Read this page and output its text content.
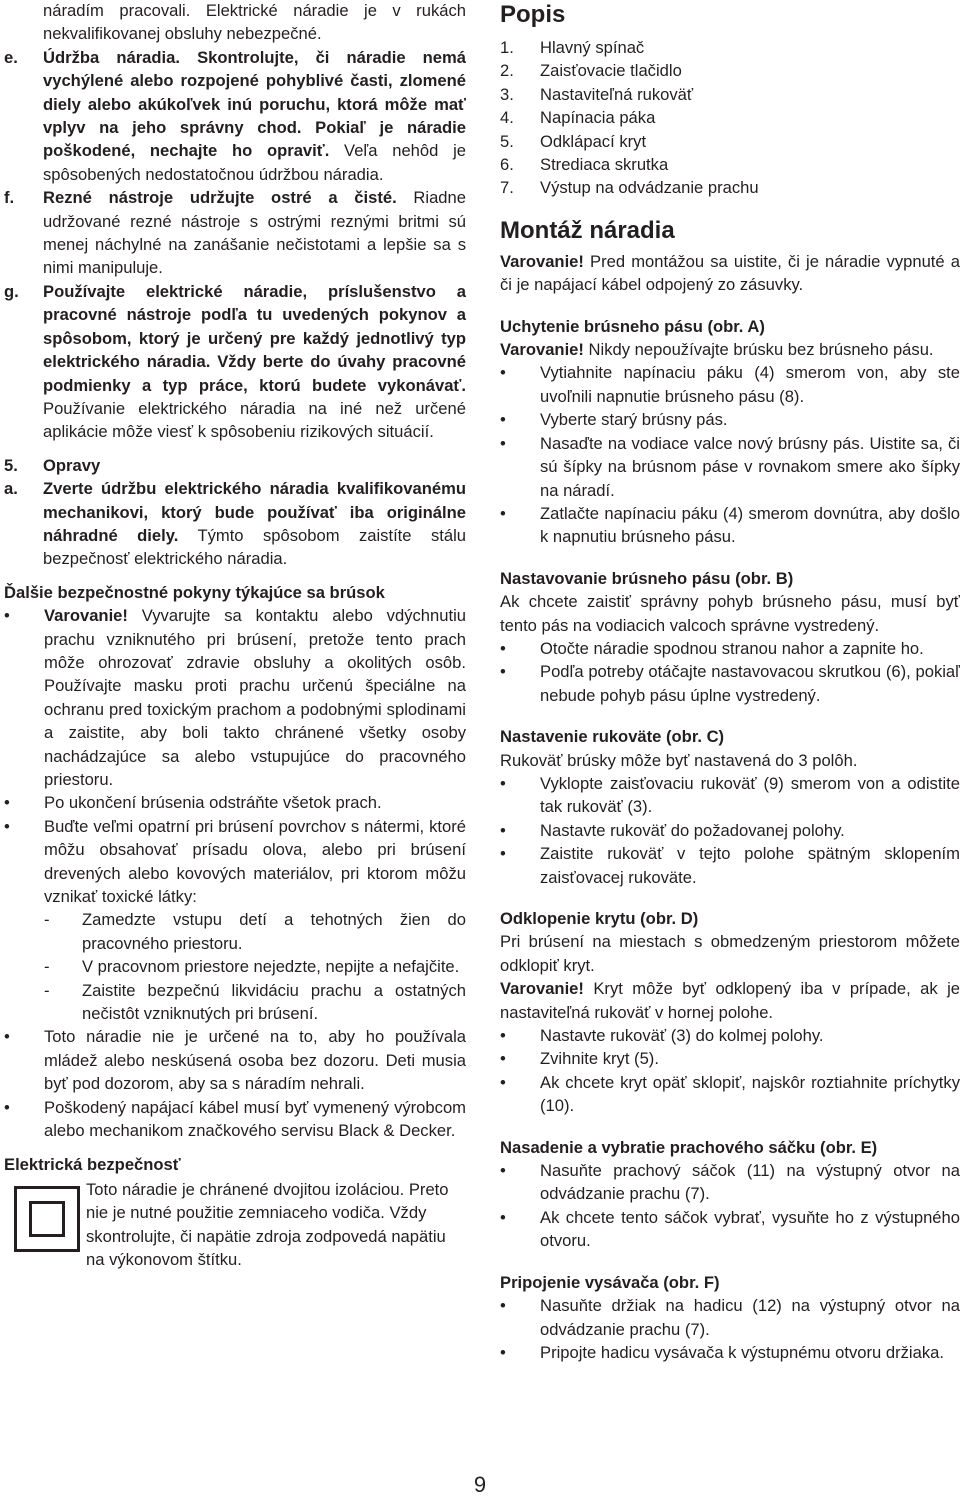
náradím pracovali. Elektrické náradie je v rukách nekvalifikovanej obsluhy nebezpečné.

e.	Údržba náradia. Skontrolujte, či náradie nemá vychýlené alebo rozpojené pohyblivé časti, zlomené diely alebo akúkoľvek inú poruchu, ktorá môže mať vplyv na jeho správny chod. Pokiaľ je náradie poškodené, nechajte ho opraviť. Veľa nehôd je spôsobených nedostatočnou údržbou náradia.

f.	Rezné nástroje udržujte ostré a čisté. Riadne udržované rezné nástroje s ostrými reznými britmi sú menej náchylné na zanášanie nečistotami a lepšie sa s nimi manipuluje.

g.	Používajte elektrické náradie, príslušenstvo a pracovné nástroje podľa tu uvedených pokynov a spôsobom, ktorý je určený pre každý jednotlivý typ elektrického náradia. Vždy berte do úvahy pracovné podmienky a typ práce, ktorú budete vykonávať. Používanie elektrického náradia na iné než určené aplikácie môže viesť k spôsobeniu rizikových situácií.

5.	Opravy
a.	Zverte údržbu elektrického náradia kvalifikovanému mechanikovi, ktorý bude používať iba originálne náhradné diely. Týmto spôsobom zaistíte stálu bezpečnosť elektrického náradia.

Ďalšie bezpečnostné pokyny týkajúce sa brúsok

•	Varovanie! Vyvarujte sa kontaktu alebo vdýchnutiu prachu vzniknutého pri brúsení, pretože tento prach môže ohrozovať zdravie obsluhy a okolitých osôb. Používajte masku proti prachu určenú špeciálne na ochranu pred toxickým prachom a podobnými splodinami a zaistite, aby boli takto chránené všetky osoby nachádzajúce sa alebo vstupujúce do pracovného priestoru.

•	Po ukončení brúsenia odstráňte všetok prach.

•	Buďte veľmi opatrní pri brúsení povrchov s nátermi, ktoré môžu obsahovať prísadu olova, alebo pri brúsení drevených alebo kovových materiálov, pri ktorom môžu vznikať toxické látky:

-	Zamedzte vstupu detí a tehotných žien do pracovného priestoru.

-	V pracovnom priestore nejedzte, nepijte a nefajčite.

-	Zaistite bezpečnú likvidáciu prachu a ostatných nečistôt vzniknutých pri brúsení.

•	Toto náradie nie je určené na to, aby ho používala mládež alebo neskúsená osoba bez dozoru. Deti musia byť pod dozorom, aby sa s náradím nehrali.

•	Poškodený napájací kábel musí byť vymenený výrobcom alebo mechanikom značkového servisu Black & Decker.

Elektrická bezpečnosť

Toto náradie je chránené dvojitou izoláciou. Preto nie je nutné použitie zemniaceho vodiča. Vždy skontrolujte, či napätie zdroja zodpovedá napätiu na výkonovom štítku.

Popis

1.	Hlavný spínač
2.	Zaisťovacie tlačidlo
3.	Nastaviteľná rukoväť
4.	Napínacia páka
5.	Odklápací kryt
6.	Strediaca skrutka
7.	Výstup na odvádzanie prachu

Montáž náradia

Varovanie! Pred montážou sa uistite, či je náradie vypnuté a či je napájací kábel odpojený zo zásuvky.

Uchytenie brúsneho pásu (obr. A)

Varovanie! Nikdy nepoužívajte brúsku bez brúsneho pásu.

•	Vytiahnite napínaciu páku (4) smerom von, aby ste uvoľnili napnutie brúsneho pásu (8).

•	Vyberte starý brúsny pás.

•	Nasaďte na vodiace valce nový brúsny pás. Uistite sa, či sú šípky na brúsnom páse v rovnakom smere ako šípky na náradí.

•	Zatlačte napínaciu páku (4) smerom dovnútra, aby došlo k napnutiu brúsneho pásu.

Nastavovanie brúsneho pásu (obr. B)

Ak chcete zaistiť správny pohyb brúsneho pásu, musí byť tento pás na vodiacich valcoch správne vystredený.

•	Otočte náradie spodnou stranou nahor a zapnite ho.

•	Podľa potreby otáčajte nastavovacou skrutkou (6), pokiaľ nebude pohyb pásu úplne vystredený.

Nastavenie rukoväte (obr. C)

Rukoväť brúsky môže byť nastavená do 3 polôh.

•	Vyklopte zaisťovaciu rukoväť (9) smerom von a odistite tak rukoväť (3).

•	Nastavte rukoväť do požadovanej polohy.

•	Zaistite rukoväť v tejto polohe spätným sklopením zaisťovacej rukoväte.

Odklopenie krytu (obr. D)

Pri brúsení na miestach s obmedzeným priestorom môžete odklopiť kryt.

Varovanie! Kryt môže byť odklopený iba v prípade, ak je nastaviteľná rukoväť v hornej polohe.

•	Nastavte rukoväť (3) do kolmej polohy.

•	Zvihnite kryt (5).

•	Ak chcete kryt opäť sklopiť, najskôr roztiahnite príchytky (10).

Nasadenie a vybratie prachového sáčku (obr. E)

•	Nasuňte prachový sáčok (11) na výstupný otvor na odvádzanie prachu (7).

•	Ak chcete tento sáčok vybrať, vysuňte ho z výstupného otvoru.

Pripojenie vysávača (obr. F)

•	Nasuňte držiak na hadicu (12) na výstupný otvor na odvádzanie prachu (7).

•	Pripojte hadicu vysávača k výstupnému otvoru držiaka.

9
